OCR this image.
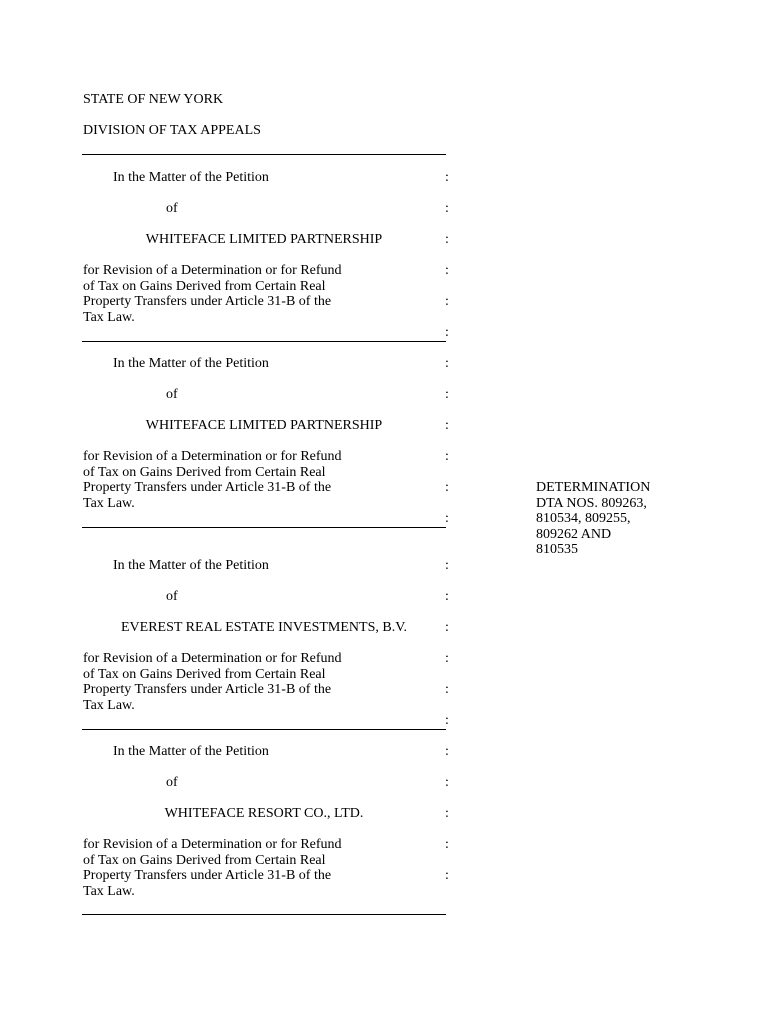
STATE OF NEW YORK

DIVISION OF TAX APPEALS

In the Matter of the Petition

of

WHITEFACE LIMITED PARTNERSHIP

for Revision of a Determination or for Refund

of Tax on Gains Derived from Certain Real

Property Transfers under Article 31-B of the

Tax Law.

:

:

:

:

:

:

In the Matter of the Petition

of

WHITEFACE LIMITED PARTNERSHIP

for Revision of a Determination or for Refund

of Tax on Gains Derived from Certain Real

Property Transfers under Article 31-B of the

Tax Law.

:

:

:

:

:

:

In the Matter of the Petition

of

EVEREST REAL ESTATE INVESTMENTS, B.V.

for Revision of a Determination or for Refund

of Tax on Gains Derived from Certain Real

Property Transfers under Article 31-B of the

Tax Law.

:

:

:

:

:

:

In the Matter of the Petition

of

WHITEFACE RESORT CO., LTD.

for Revision of a Determination or for Refund

of Tax on Gains Derived from Certain Real

Property Transfers under Article 31-B of the

Tax Law.

:

:

:

:

:

DETERMINATION
DTA NOS. 809263,
810534, 809255,
809262 AND
810535
